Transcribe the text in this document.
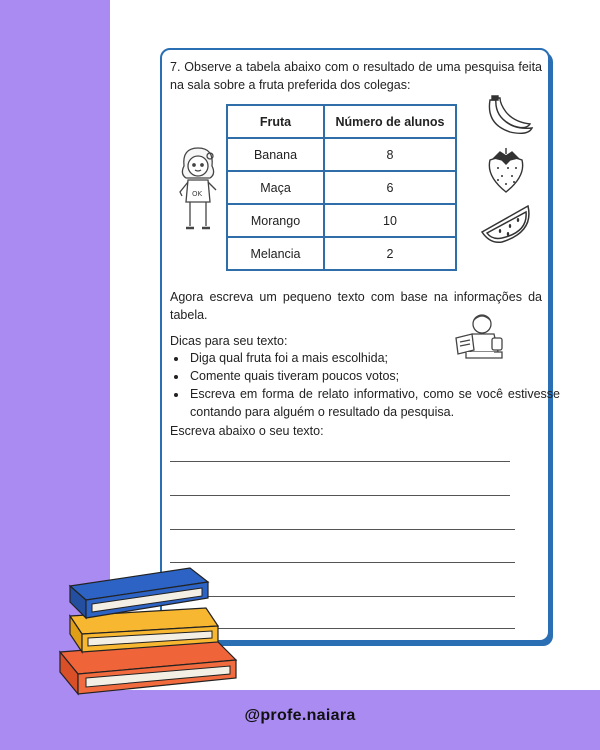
7. Observe a tabela abaixo com o resultado de uma pesquisa feita na sala sobre a fruta preferida dos colegas:
OK
Fruta	Número de alunos
Banana	8
Maça	6
Morango	10
Melancia	2
Agora escreva um pequeno texto com base na informações da tabela.
Dicas para seu texto:
• Diga qual fruta foi a mais escolhida;
• Comente quais tiveram poucos votos;
• Escreva em forma de relato informativo, como se você estivesse contando para alguém o resultado da pesquisa.
Escreva abaixo o seu texto:
@profe.naiara
